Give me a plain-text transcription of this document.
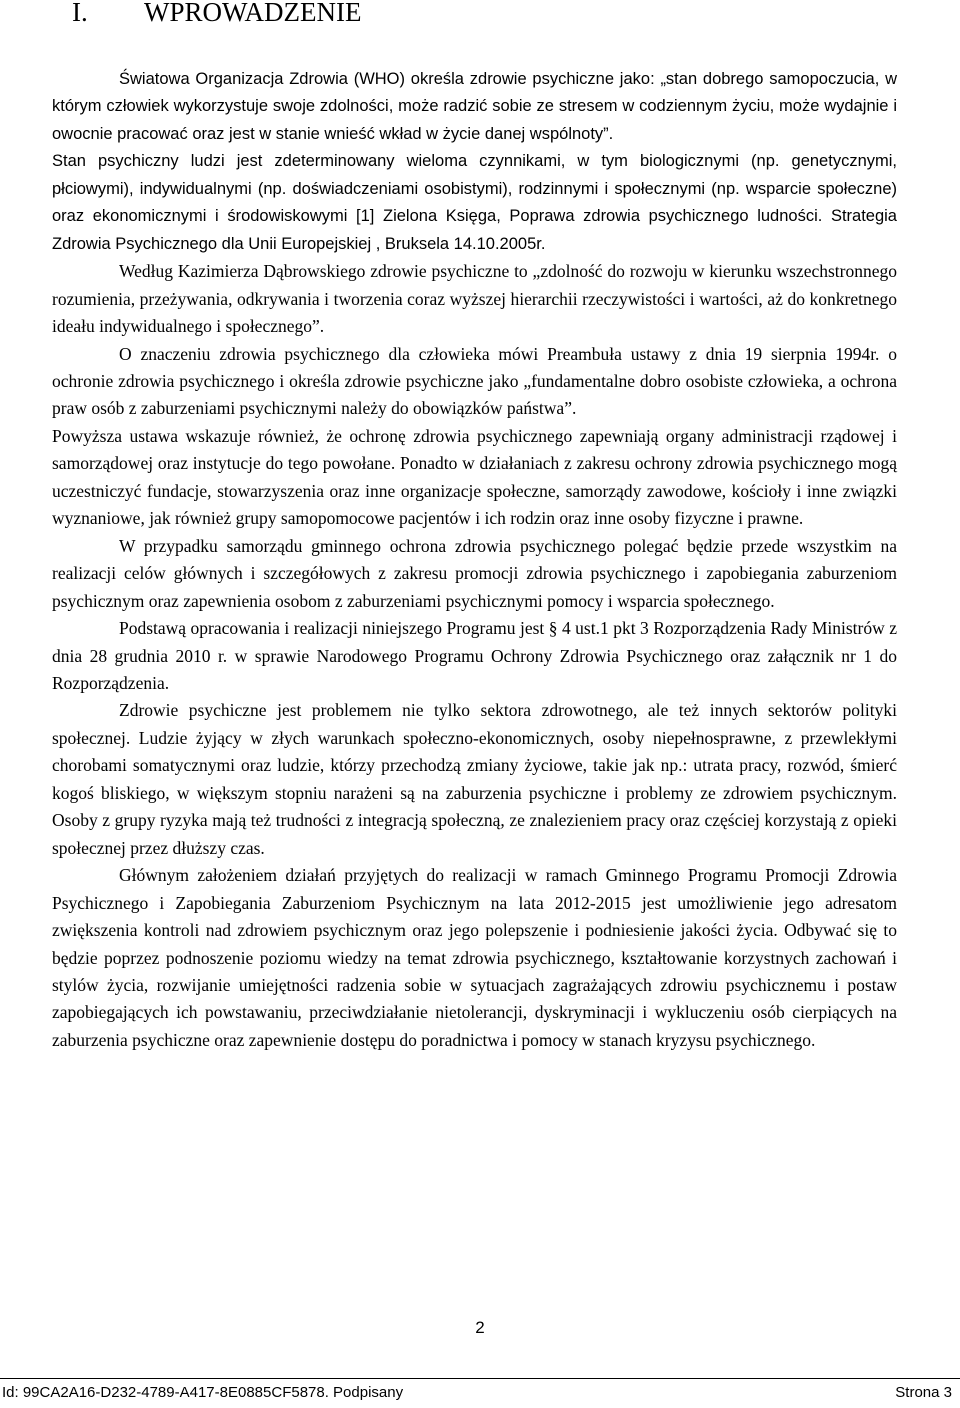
I. WPROWADZENIE

Światowa Organizacja Zdrowia (WHO) określa zdrowie psychiczne jako: „stan dobrego samopoczucia, w którym człowiek wykorzystuje swoje zdolności, może radzić sobie ze stresem w codziennym życiu, może wydajnie i owocnie pracować oraz jest w stanie wnieść wkład w życie danej wspólnoty”.

Stan psychiczny ludzi jest zdeterminowany wieloma czynnikami, w tym biologicznymi (np. genetycznymi, płciowymi), indywidualnymi (np. doświadczeniami osobistymi), rodzinnymi i społecznymi (np. wsparcie społeczne) oraz ekonomicznymi i środowiskowymi [1] Zielona Księga, Poprawa zdrowia psychicznego ludności. Strategia Zdrowia Psychicznego dla Unii Europejskiej , Bruksela 14.10.2005r.

Według Kazimierza Dąbrowskiego zdrowie psychiczne to „zdolność do rozwoju w kierunku wszechstronnego rozumienia, przeżywania, odkrywania i tworzenia coraz wyższej hierarchii rzeczywistości i wartości, aż do konkretnego ideału indywidualnego i społecznego”.

O znaczeniu zdrowia psychicznego dla człowieka mówi Preambuła ustawy z dnia 19 sierpnia 1994r. o ochronie zdrowia psychicznego i określa zdrowie psychiczne jako „fundamentalne dobro osobiste człowieka, a ochrona praw osób z zaburzeniami psychicznymi należy do obowiązków państwa”.

Powyższa ustawa wskazuje również, że ochronę zdrowia psychicznego zapewniają organy administracji rządowej i samorządowej oraz instytucje do tego powołane. Ponadto w działaniach z zakresu ochrony zdrowia psychicznego mogą uczestniczyć fundacje, stowarzyszenia oraz inne organizacje społeczne, samorządy zawodowe, kościoły i inne związki wyznaniowe, jak również grupy samopomocowe pacjentów i ich rodzin oraz inne osoby fizyczne i prawne.

W przypadku samorządu gminnego ochrona zdrowia psychicznego polegać będzie przede wszystkim na realizacji celów głównych i szczegółowych z zakresu promocji zdrowia psychicznego i zapobiegania zaburzeniom psychicznym oraz zapewnienia osobom z zaburzeniami psychicznymi pomocy i wsparcia społecznego.

Podstawą opracowania i realizacji niniejszego Programu jest § 4 ust.1 pkt 3 Rozporządzenia Rady Ministrów z dnia 28 grudnia 2010 r. w sprawie Narodowego Programu Ochrony Zdrowia Psychicznego oraz załącznik nr 1 do Rozporządzenia.

Zdrowie psychiczne jest problemem nie tylko sektora zdrowotnego, ale też innych sektorów polityki społecznej. Ludzie żyjący w złych warunkach społeczno-ekonomicznych, osoby niepełnosprawne, z przewlekłymi chorobami somatycznymi oraz ludzie, którzy przechodzą zmiany życiowe, takie jak np.: utrata pracy, rozwód, śmierć kogoś bliskiego, w większym stopniu narażeni są na zaburzenia psychiczne i problemy ze zdrowiem psychicznym. Osoby z grupy ryzyka mają też trudności z integracją społeczną, ze znalezieniem pracy oraz częściej korzystają z opieki społecznej przez dłuższy czas.

Głównym założeniem działań przyjętych do realizacji w ramach Gminnego Programu Promocji Zdrowia Psychicznego i Zapobiegania Zaburzeniom Psychicznym na lata 2012-2015 jest umożliwienie jego adresatom zwiększenia kontroli nad zdrowiem psychicznym oraz jego polepszenie i podniesienie jakości życia. Odbywać się to będzie poprzez podnoszenie poziomu wiedzy na temat zdrowia psychicznego, kształtowanie korzystnych zachowań i stylów życia, rozwijanie umiejętności radzenia sobie w sytuacjach zagrażających zdrowiu psychicznemu i postaw zapobiegających ich powstawaniu, przeciwdziałanie nietolerancji, dyskryminacji i wykluczeniu osób cierpiących na zaburzenia psychiczne oraz zapewnienie dostępu do poradnictwa i pomocy w stanach kryzysu psychicznego.

2
Id: 99CA2A16-D232-4789-A417-8E0885CF5878. Podpisany	Strona 3
